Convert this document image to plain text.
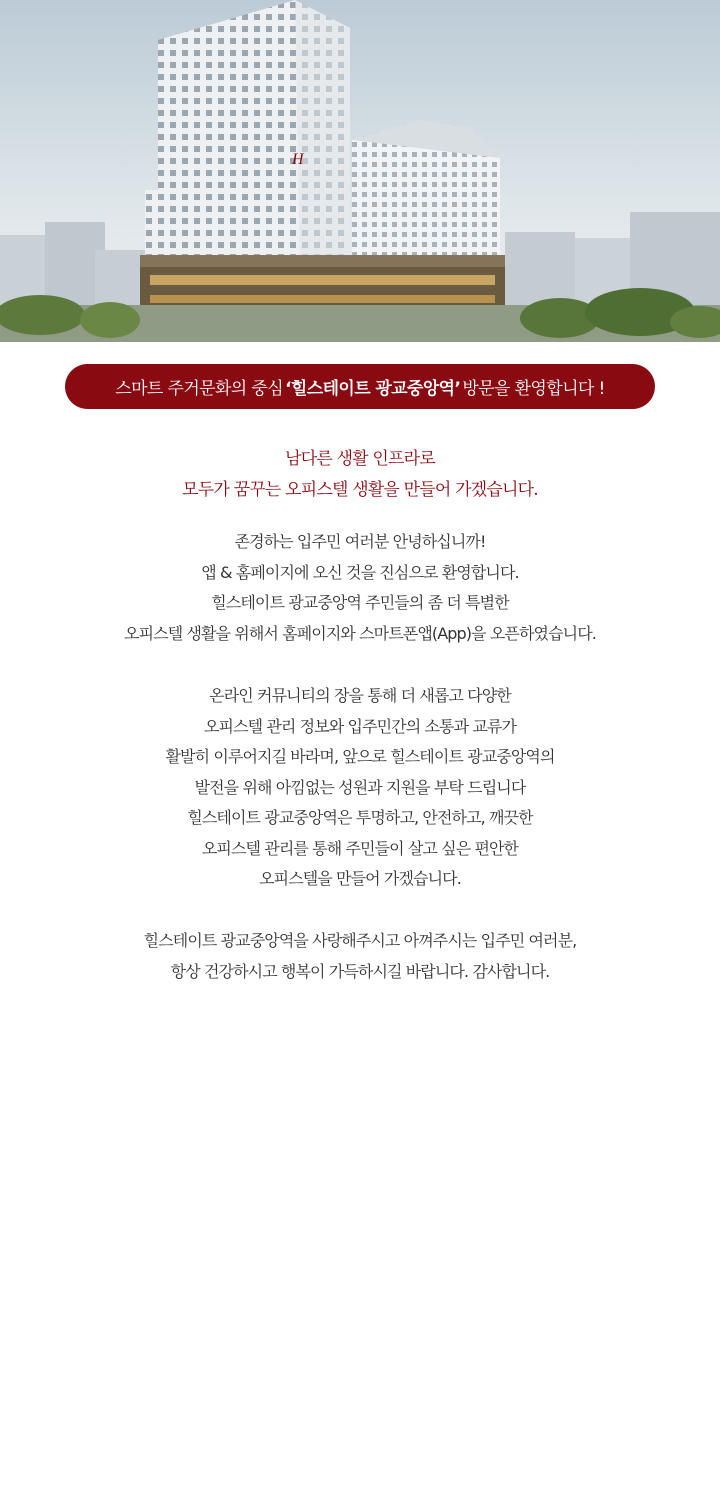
H
스마트 주거문화의 중심 ‘힐스테이트 광교중앙역’ 방문을 환영합니다 !
남다른 생활 인프라로
모두가 꿈꾸는 오피스텔 생활을 만들어 가겠습니다.
존경하는 입주민 여러분 안녕하십니까!
앱 & 홈페이지에 오신 것을 진심으로 환영합니다.
힐스테이트 광교중앙역 주민들의 좀 더 특별한
오피스텔 생활을 위해서 홈페이지와 스마트폰앱(App)을 오픈하였습니다.
온라인 커뮤니티의 장을 통해 더 새롭고 다양한
오피스텔 관리 정보와 입주민간의 소통과 교류가
활발히 이루어지길 바라며, 앞으로 힐스테이트 광교중앙역의
발전을 위해 아낌없는 성원과 지원을 부탁 드립니다
힐스테이트 광교중앙역은 투명하고, 안전하고, 깨끗한
오피스텔 관리를 통해 주민들이 살고 싶은 편안한
오피스텔을 만들어 가겠습니다.
힐스테이트 광교중앙역을 사랑해주시고 아껴주시는 입주민 여러분,
항상 건강하시고 행복이 가득하시길 바랍니다. 감사합니다.
